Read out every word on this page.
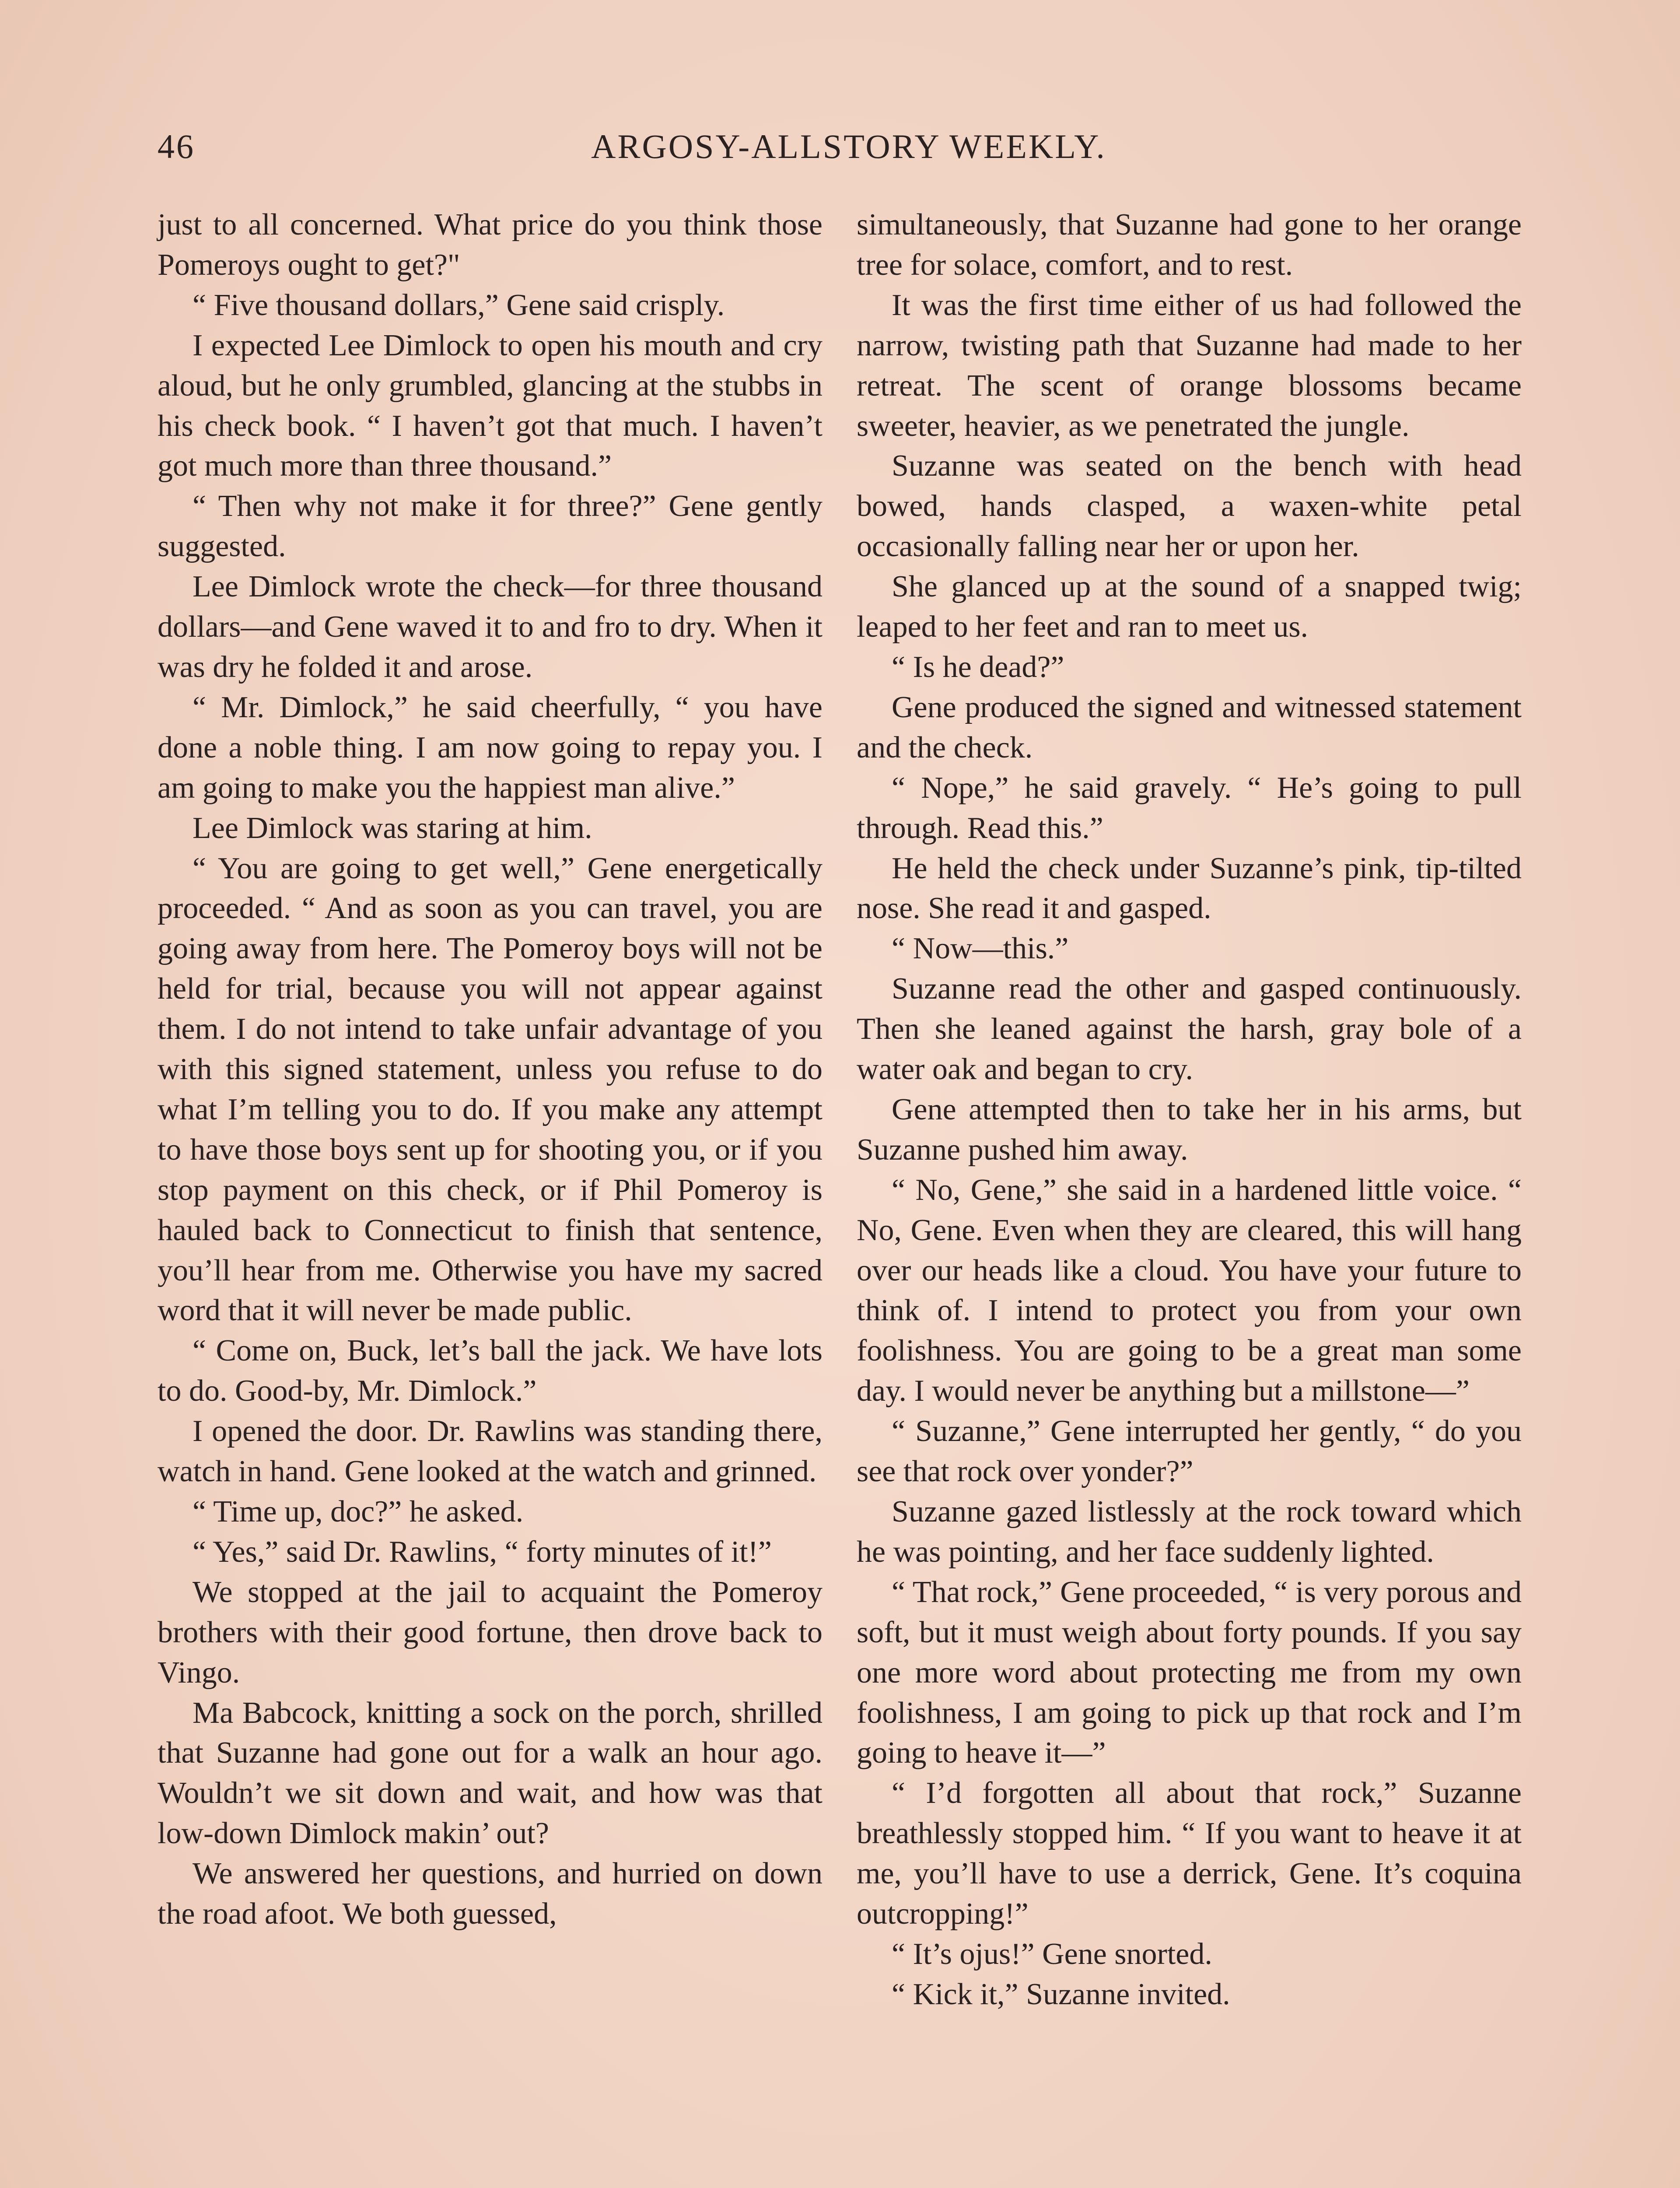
46	ARGOSY-ALLSTORY WEEKLY.

just to all concerned. What price do you think those Pomeroys ought to get?"

“ Five thousand dollars,” Gene said crisply.

I expected Lee Dimlock to open his mouth and cry aloud, but he only grumbled, glancing at the stubbs in his check book. “ I haven’t got that much. I haven’t got much more than three thousand.”

“ Then why not make it for three?” Gene gently suggested.

Lee Dimlock wrote the check—for three thousand dollars—and Gene waved it to and fro to dry. When it was dry he folded it and arose.

“ Mr. Dimlock,” he said cheerfully, “ you have done a noble thing. I am now going to repay you. I am going to make you the happiest man alive.”

Lee Dimlock was staring at him.

“ You are going to get well,” Gene energetically proceeded. “ And as soon as you can travel, you are going away from here. The Pomeroy boys will not be held for trial, because you will not appear against them. I do not intend to take unfair advantage of you with this signed statement, unless you refuse to do what I’m telling you to do. If you make any attempt to have those boys sent up for shooting you, or if you stop payment on this check, or if Phil Pomeroy is hauled back to Connecticut to finish that sentence, you’ll hear from me. Otherwise you have my sacred word that it will never be made public.

“ Come on, Buck, let’s ball the jack. We have lots to do. Good-by, Mr. Dimlock.”

I opened the door. Dr. Rawlins was standing there, watch in hand. Gene looked at the watch and grinned.

“ Time up, doc?” he asked.

“ Yes,” said Dr. Rawlins, “ forty minutes of it!”

We stopped at the jail to acquaint the Pomeroy brothers with their good fortune, then drove back to Vingo.

Ma Babcock, knitting a sock on the porch, shrilled that Suzanne had gone out for a walk an hour ago. Wouldn’t we sit down and wait, and how was that low-down Dimlock makin’ out?

We answered her questions, and hurried on down the road afoot. We both guessed,

simultaneously, that Suzanne had gone to her orange tree for solace, comfort, and to rest.

It was the first time either of us had followed the narrow, twisting path that Suzanne had made to her retreat. The scent of orange blossoms became sweeter, heavier, as we penetrated the jungle.

Suzanne was seated on the bench with head bowed, hands clasped, a waxen-white petal occasionally falling near her or upon her.

She glanced up at the sound of a snapped twig; leaped to her feet and ran to meet us.

“ Is he dead?”

Gene produced the signed and witnessed statement and the check.

“ Nope,” he said gravely. “ He’s going to pull through. Read this.”

He held the check under Suzanne’s pink, tip-tilted nose. She read it and gasped.

“ Now—this.”

Suzanne read the other and gasped continuously. Then she leaned against the harsh, gray bole of a water oak and began to cry.

Gene attempted then to take her in his arms, but Suzanne pushed him away.

“ No, Gene,” she said in a hardened little voice. “ No, Gene. Even when they are cleared, this will hang over our heads like a cloud. You have your future to think of. I intend to protect you from your own foolishness. You are going to be a great man some day. I would never be anything but a millstone—”

“ Suzanne,” Gene interrupted her gently, “ do you see that rock over yonder?”

Suzanne gazed listlessly at the rock toward which he was pointing, and her face suddenly lighted.

“ That rock,” Gene proceeded, “ is very porous and soft, but it must weigh about forty pounds. If you say one more word about protecting me from my own foolishness, I am going to pick up that rock and I’m going to heave it—”

“ I’d forgotten all about that rock,” Suzanne breathlessly stopped him. “ If you want to heave it at me, you’ll have to use a derrick, Gene. It’s coquina outcropping!”

“ It’s ojus!” Gene snorted.

“ Kick it,” Suzanne invited.
